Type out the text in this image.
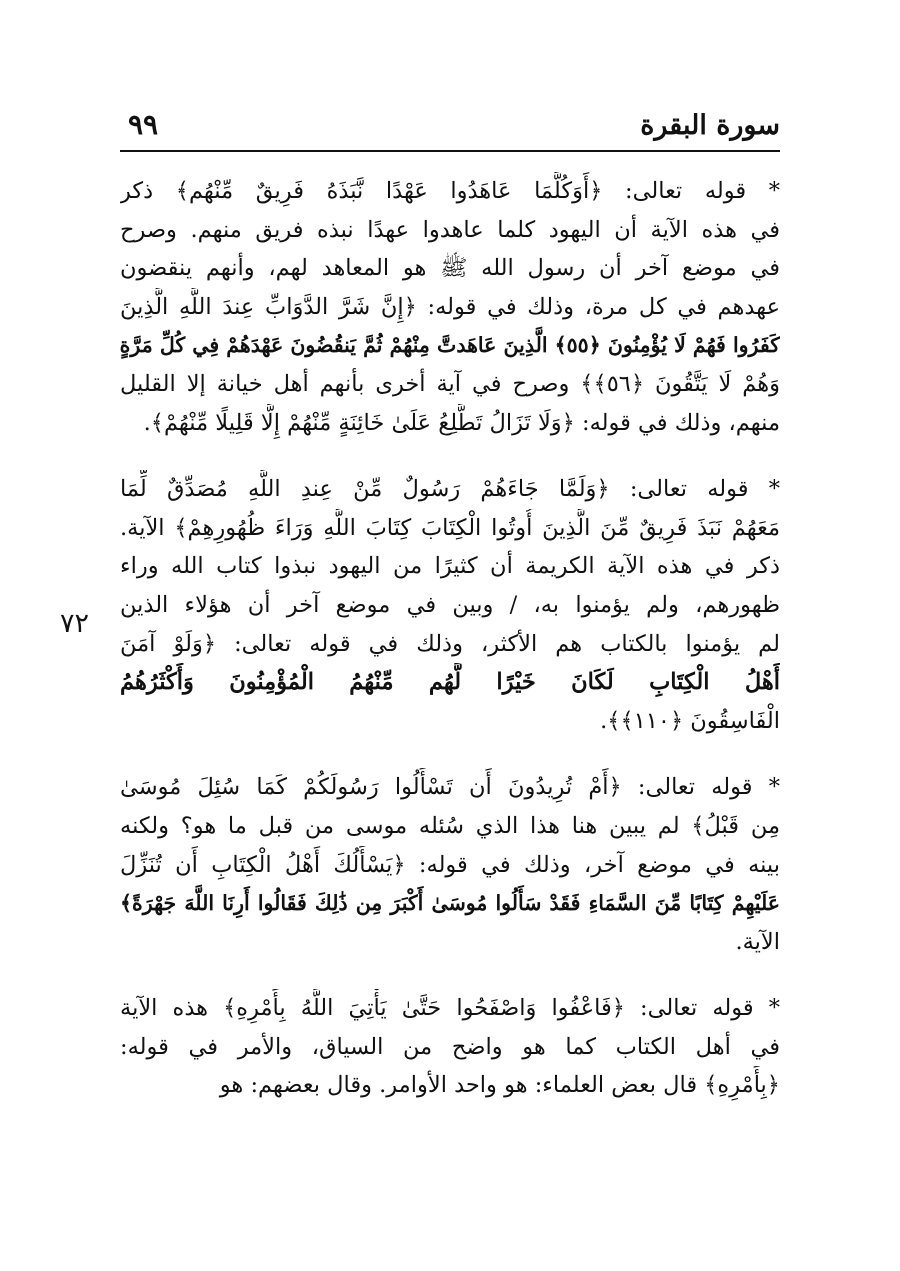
سورة البقرة
٩٩
٧٢
* قوله تعالى: ﴿أَوَكُلَّمَا عَاهَدُوا عَهْدًا نَّبَذَهُ فَرِيقٌ مِّنْهُم﴾ ذكر
في هذه الآية أن اليهود كلما عاهدوا عهدًا نبذه فريق منهم. وصرح
في موضع آخر أن رسول الله ﷺ هو المعاهد لهم، وأنهم ينقضون
عهدهم في كل مرة، وذلك في قوله: ﴿إِنَّ شَرَّ الدَّوَابِّ عِندَ اللَّهِ الَّذِينَ
كَفَرُوا فَهُمْ لَا يُؤْمِنُونَ ﴿٥٥﴾ الَّذِينَ عَاهَدتَّ مِنْهُمْ ثُمَّ يَنقُضُونَ عَهْدَهُمْ فِي كُلِّ مَرَّةٍ
وَهُمْ لَا يَتَّقُونَ ﴿٥٦﴾﴾ وصرح في آية أخرى بأنهم أهل خيانة إلا القليل
منهم، وذلك في قوله: ﴿وَلَا تَزَالُ تَطَّلِعُ عَلَىٰ خَائِنَةٍ مِّنْهُمْ إِلَّا قَلِيلًا مِّنْهُمْ﴾.
* قوله تعالى: ﴿وَلَمَّا جَاءَهُمْ رَسُولٌ مِّنْ عِندِ اللَّهِ مُصَدِّقٌ لِّمَا
مَعَهُمْ نَبَذَ فَرِيقٌ مِّنَ الَّذِينَ أُوتُوا الْكِتَابَ كِتَابَ اللَّهِ وَرَاءَ ظُهُورِهِمْ﴾ الآية.
ذكر في هذه الآية الكريمة أن كثيرًا من اليهود نبذوا كتاب الله وراء
ظهورهم، ولم يؤمنوا به، / وبين في موضع آخر أن هؤلاء الذين
لم يؤمنوا بالكتاب هم الأكثر، وذلك في قوله تعالى: ﴿وَلَوْ آمَنَ
أَهْلُ الْكِتَابِ لَكَانَ خَيْرًا لَّهُم مِّنْهُمُ الْمُؤْمِنُونَ وَأَكْثَرُهُمُ
الْفَاسِقُونَ ﴿١١٠﴾﴾.
* قوله تعالى: ﴿أَمْ تُرِيدُونَ أَن تَسْأَلُوا رَسُولَكُمْ كَمَا سُئِلَ مُوسَىٰ
مِن قَبْلُ﴾ لم يبين هنا هذا الذي سُئله موسى من قبل ما هو؟ ولكنه
بينه في موضع آخر، وذلك في قوله: ﴿يَسْأَلُكَ أَهْلُ الْكِتَابِ أَن تُنَزِّلَ
عَلَيْهِمْ كِتَابًا مِّنَ السَّمَاءِ فَقَدْ سَأَلُوا مُوسَىٰ أَكْبَرَ مِن ذَٰلِكَ فَقَالُوا أَرِنَا اللَّهَ جَهْرَةً﴾
الآية.
* قوله تعالى: ﴿فَاعْفُوا وَاصْفَحُوا حَتَّىٰ يَأْتِيَ اللَّهُ بِأَمْرِهِ﴾ هذه الآية
في أهل الكتاب كما هو واضح من السياق، والأمر في قوله:
﴿بِأَمْرِهِ﴾ قال بعض العلماء: هو واحد الأوامر. وقال بعضهم: هو
